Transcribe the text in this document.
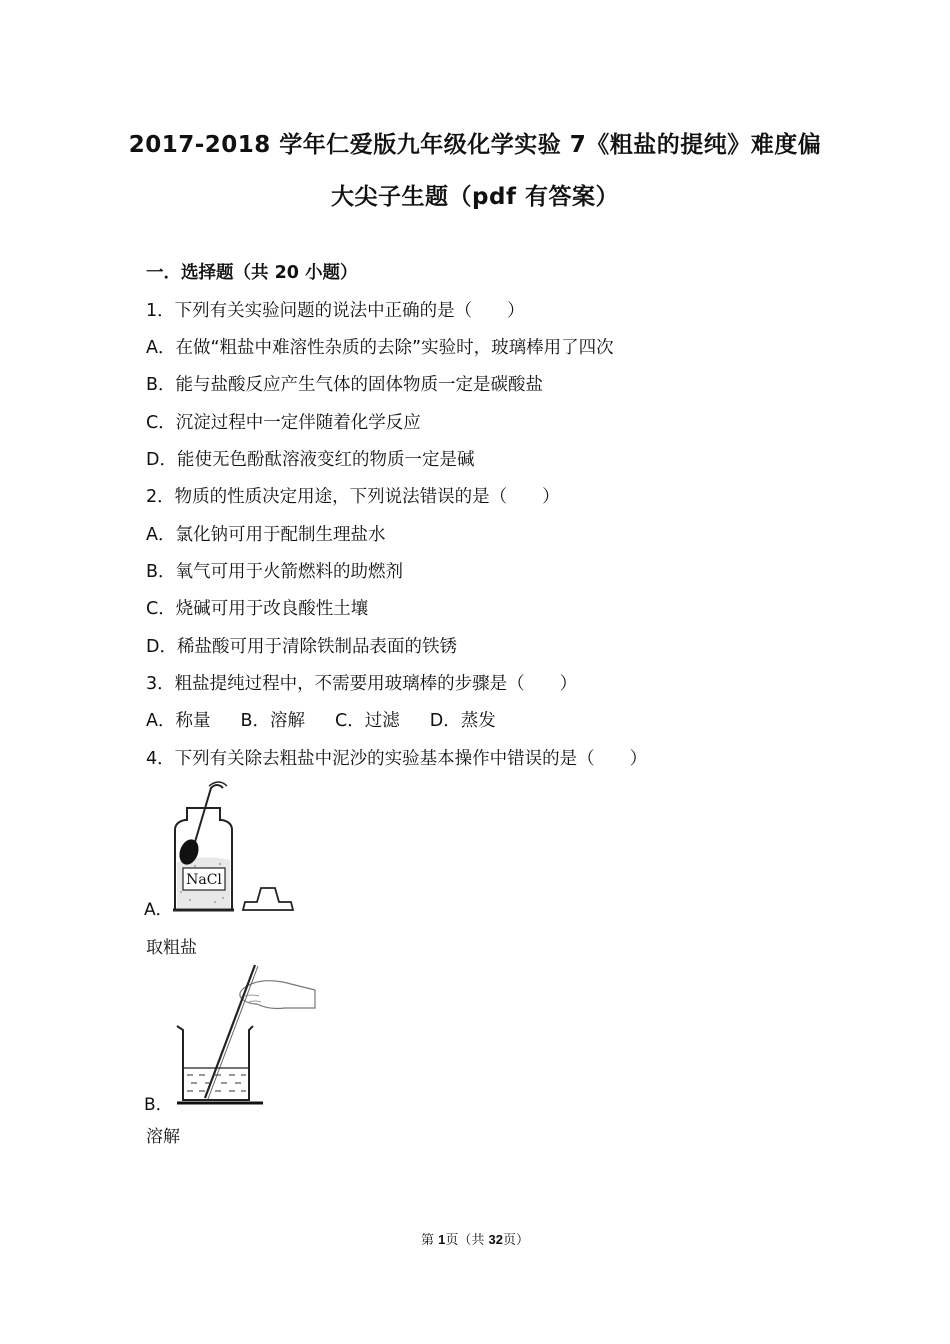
2017-2018 学年仁爱版九年级化学实验 7《粗盐的提纯》难度偏
大尖子生题（pdf 有答案）
一．选择题（共 20 小题）
1．下列有关实验问题的说法中正确的是（　　）
A．在做“粗盐中难溶性杂质的去除”实验时，玻璃棒用了四次
B．能与盐酸反应产生气体的固体物质一定是碳酸盐
C．沉淀过程中一定伴随着化学反应
D．能使无色酚酞溶液变红的物质一定是碱
2．物质的性质决定用途，下列说法错误的是（　　）
A．氯化钠可用于配制生理盐水
B．氧气可用于火箭燃料的助燃剂
C．烧碱可用于改良酸性土壤
D．稀盐酸可用于清除铁制品表面的铁锈
3．粗盐提纯过程中，不需要用玻璃棒的步骤是（　　）
A．称量 B．溶解 C．过滤 D．蒸发
4．下列有关除去粗盐中泥沙的实验基本操作中错误的是（　　）
NaCl
A．
取粗盐
B．
溶解
第 1页（共 32页）
